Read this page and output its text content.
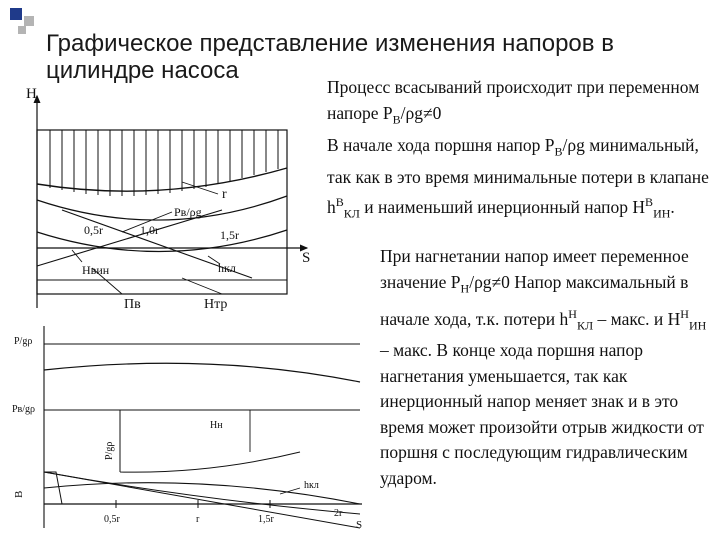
Графическое представление изменения напоров в цилиндре насоса
Н
r
Рв/ρg
0,5r	1,0r	1,5r
S
Нвин	hкл
Пв	Нтр
Р/gρ
Рв/gρ
Р/gρ
Нн
В
hкл
0,5r	r	1,5r
2r
S
Процесс всасываний происходит при переменном напоре $Р_В/\rho g\ne 0$
В начале хода поршня напор $Р_В/\rho g$ минимальный, так как в это время минимальные потери в клапане $h^В_{КЛ}$ и наименьший инерционный напор $Н^В_{ИН}$.
При нагнетании напор имеет переменное значение $Р_Н/\rho g\ne 0$ Напор максимальный в начале хода, т.к. потери $h^Н_{КЛ}$ – макс. и $Н^Н_{ИН}$ – макс. В конце хода поршня напор нагнетания уменьшается, так как инерционный напор меняет знак и в это время может произойти отрыв жидкости от поршня с последующим гидравлическим ударом.
